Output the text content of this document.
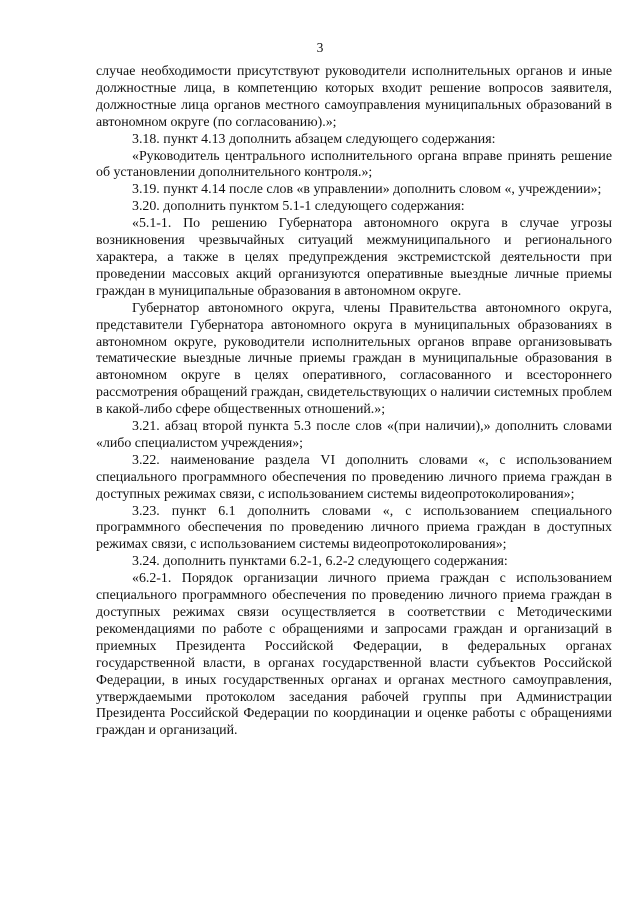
3

случае необходимости присутствуют руководители исполнительных органов и иные должностные лица, в компетенцию которых входит решение вопросов заявителя, должностные лица органов местного самоуправления муниципальных образований в автономном округе (по согласованию).»;

3.18. пункт 4.13 дополнить абзацем следующего содержания:

«Руководитель центрального исполнительного органа вправе принять решение об установлении дополнительного контроля.»;

3.19. пункт 4.14 после слов «в управлении» дополнить словом «, учреждении»;

3.20. дополнить пунктом 5.1-1 следующего содержания:

«5.1-1. По решению Губернатора автономного округа в случае угрозы возникновения чрезвычайных ситуаций межмуниципального и регионального характера, а также в целях предупреждения экстремистской деятельности при проведении массовых акций организуются оперативные выездные личные приемы граждан в муниципальные образования в автономном округе.

Губернатор автономного округа, члены Правительства автономного округа, представители Губернатора автономного округа в муниципальных образованиях в автономном округе, руководители исполнительных органов вправе организовывать тематические выездные личные приемы граждан в муниципальные образования в автономном округе в целях оперативного, согласованного и всестороннего рассмотрения обращений граждан, свидетельствующих о наличии системных проблем в какой-либо сфере общественных отношений.»;

3.21. абзац второй пункта 5.3 после слов «(при наличии),» дополнить словами «либо специалистом учреждения»;

3.22. наименование раздела VI дополнить словами «, с использованием специального программного обеспечения по проведению личного приема граждан в доступных режимах связи, с использованием системы видеопротоколирования»;

3.23. пункт 6.1 дополнить словами «, с использованием специального программного обеспечения по проведению личного приема граждан в доступных режимах связи, с использованием системы видеопротоколирования»;

3.24. дополнить пунктами 6.2-1, 6.2-2 следующего содержания:

«6.2-1. Порядок организации личного приема граждан с использованием специального программного обеспечения по проведению личного приема граждан в доступных режимах связи осуществляется в соответствии с Методическими рекомендациями по работе с обращениями и запросами граждан и организаций в приемных Президента Российской Федерации, в федеральных органах государственной власти, в органах государственной власти субъектов Российской Федерации, в иных государственных органах и органах местного самоуправления, утверждаемыми протоколом заседания рабочей группы при Администрации Президента Российской Федерации по координации и оценке работы с обращениями граждан и организаций.
